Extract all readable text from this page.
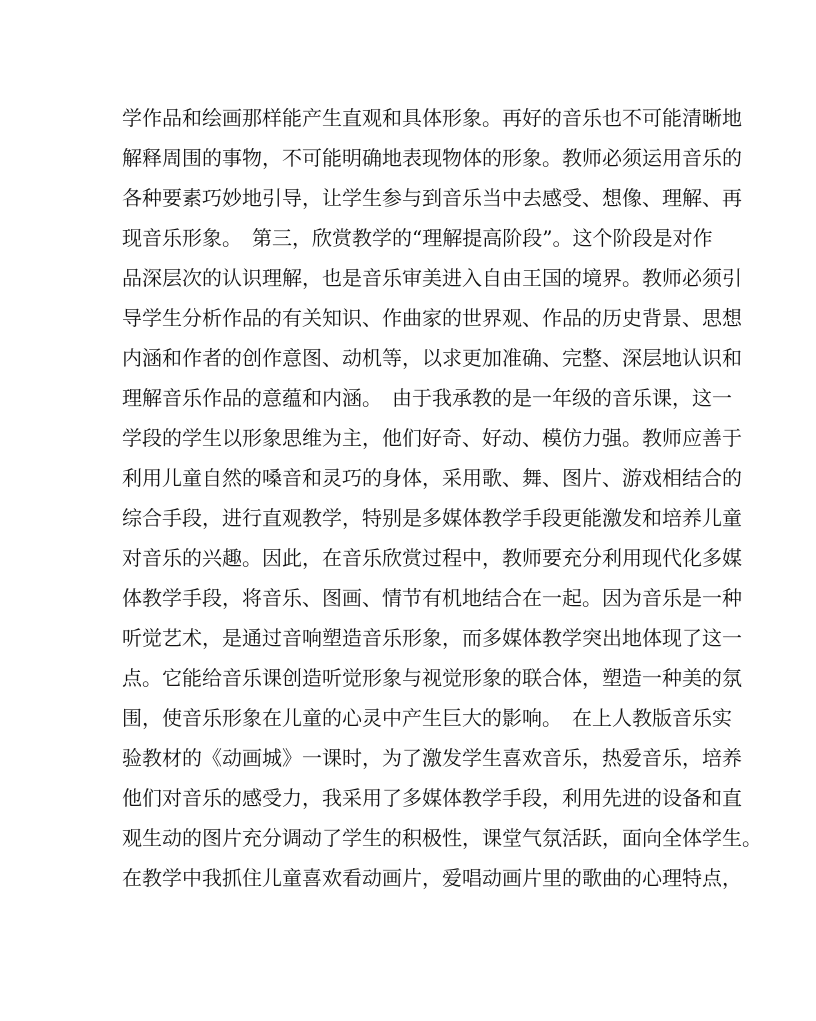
学作品和绘画那样能产生直观和具体形象。再好的音乐也不可能清晰地
解释周围的事物，不可能明确地表现物体的形象。教师必须运用音乐的
各种要素巧妙地引导，让学生参与到音乐当中去感受、想像、理解、再
现音乐形象。　第三，欣赏教学的“理解提高阶段”。这个阶段是对作
品深层次的认识理解，也是音乐审美进入自由王国的境界。教师必须引
导学生分析作品的有关知识、作曲家的世界观、作品的历史背景、思想
内涵和作者的创作意图、动机等，以求更加准确、完整、深层地认识和
理解音乐作品的意蕴和内涵。　由于我承教的是一年级的音乐课，这一
学段的学生以形象思维为主，他们好奇、好动、模仿力强。教师应善于
利用儿童自然的嗓音和灵巧的身体，采用歌、舞、图片、游戏相结合的
综合手段，进行直观教学，特别是多媒体教学手段更能激发和培养儿童
对音乐的兴趣。因此，在音乐欣赏过程中，教师要充分利用现代化多媒
体教学手段，将音乐、图画、情节有机地结合在一起。因为音乐是一种
听觉艺术，是通过音响塑造音乐形象，而多媒体教学突出地体现了这一
点。它能给音乐课创造听觉形象与视觉形象的联合体，塑造一种美的氛
围，使音乐形象在儿童的心灵中产生巨大的影响。　在上人教版音乐实
验教材的《动画城》一课时，为了激发学生喜欢音乐，热爱音乐，培养
他们对音乐的感受力，我采用了多媒体教学手段，利用先进的设备和直
观生动的图片充分调动了学生的积极性，课堂气氛活跃，面向全体学生。
在教学中我抓住儿童喜欢看动画片，爱唱动画片里的歌曲的心理特点，
